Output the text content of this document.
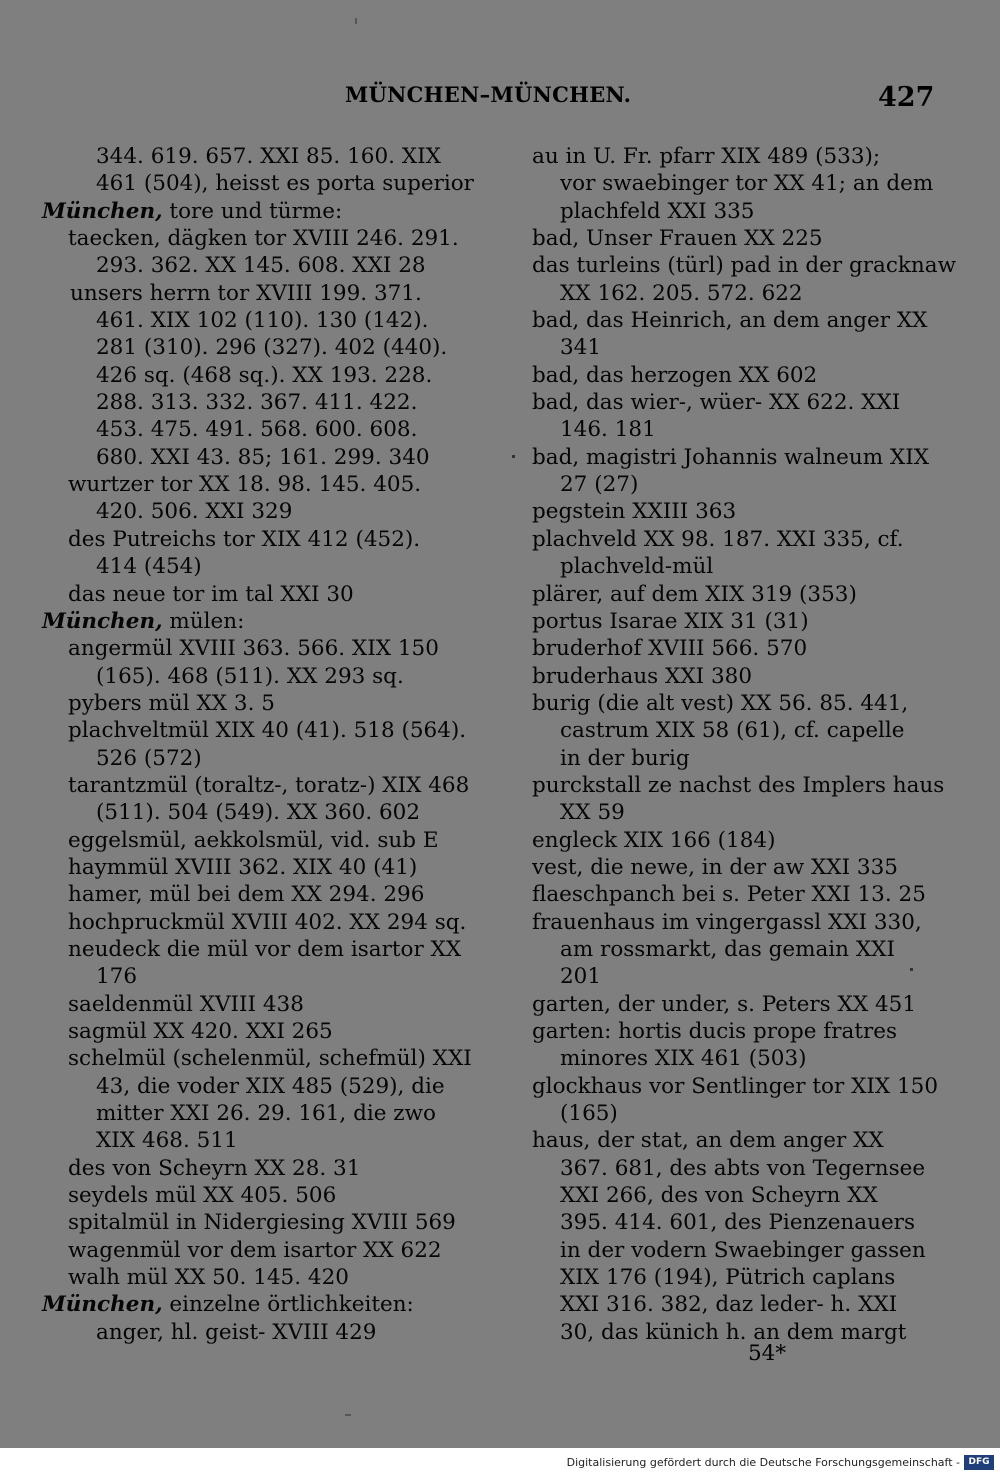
MÜNCHEN–MÜNCHEN.	427
344. 619. 657. XXI 85. 160. XIX
461 (504), heisst es porta superior
München, tore und türme:
taecken, dägken tor XVIII 246. 291.
293. 362. XX 145. 608. XXI 28
unsers herrn tor XVIII 199. 371.
461. XIX 102 (110). 130 (142).
281 (310). 296 (327). 402 (440).
426 sq. (468 sq.). XX 193. 228.
288. 313. 332. 367. 411. 422.
453. 475. 491. 568. 600. 608.
680. XXI 43. 85; 161. 299. 340
wurtzer tor XX 18. 98. 145. 405.
420. 506. XXI 329
des Putreichs tor XIX 412 (452).
414 (454)
das neue tor im tal XXI 30
München, mülen:
angermül XVIII 363. 566. XIX 150
(165). 468 (511). XX 293 sq.
pybers mül XX 3. 5
plachveltmül XIX 40 (41). 518 (564).
526 (572)
tarantzmül (toraltz-, toratz-) XIX 468
(511). 504 (549). XX 360. 602
eggelsmül, aekkolsmül, vid. sub E
haymmül XVIII 362. XIX 40 (41)
hamer, mül bei dem XX 294. 296
hochpruckmül XVIII 402. XX 294 sq.
neudeck die mül vor dem isartor XX
176
saeldenmül XVIII 438
sagmül XX 420. XXI 265
schelmül (schelenmül, schefmül) XXI
43, die voder XIX 485 (529), die
mitter XXI 26. 29. 161, die zwo
XIX 468. 511
des von Scheyrn XX 28. 31
seydels mül XX 405. 506
spitalmül in Nidergiesing XVIII 569
wagenmül vor dem isartor XX 622
walh mül XX 50. 145. 420
München, einzelne örtlichkeiten:
anger, hl. geist- XVIII 429
au in U. Fr. pfarr XIX 489 (533);
vor swaebinger tor XX 41; an dem
plachfeld XXI 335
bad, Unser Frauen XX 225
das turleins (türl) pad in der gracknaw
XX 162. 205. 572. 622
bad, das Heinrich, an dem anger XX
341
bad, das herzogen XX 602
bad, das wier-, wüer- XX 622. XXI
146. 181
bad, magistri Johannis walneum XIX
27 (27)
pegstein XXIII 363
plachveld XX 98. 187. XXI 335, cf.
plachveld-mül
plärer, auf dem XIX 319 (353)
portus Isarae XIX 31 (31)
bruderhof XVIII 566. 570
bruderhaus XXI 380
burig (die alt vest) XX 56. 85. 441,
castrum XIX 58 (61), cf. capelle
in der burig
purckstall ze nachst des Implers haus
XX 59
engleck XIX 166 (184)
vest, die newe, in der aw XXI 335
flaeschpanch bei s. Peter XXI 13. 25
frauenhaus im vingergassl XXI 330,
am rossmarkt, das gemain XXI
201
garten, der under, s. Peters XX 451
garten: hortis ducis prope fratres
minores XIX 461 (503)
glockhaus vor Sentlinger tor XIX 150
(165)
haus, der stat, an dem anger XX
367. 681, des abts von Tegernsee
XXI 266, des von Scheyrn XX
395. 414. 601, des Pienzenauers
in der vodern Swaebinger gassen
XIX 176 (194), Pütrich caplans
XXI 316. 382, daz leder- h. XXI
30, das künich h. an dem margt
54*
Digitalisierung gefördert durch die Deutsche Forschungsgemeinschaft - DFG
